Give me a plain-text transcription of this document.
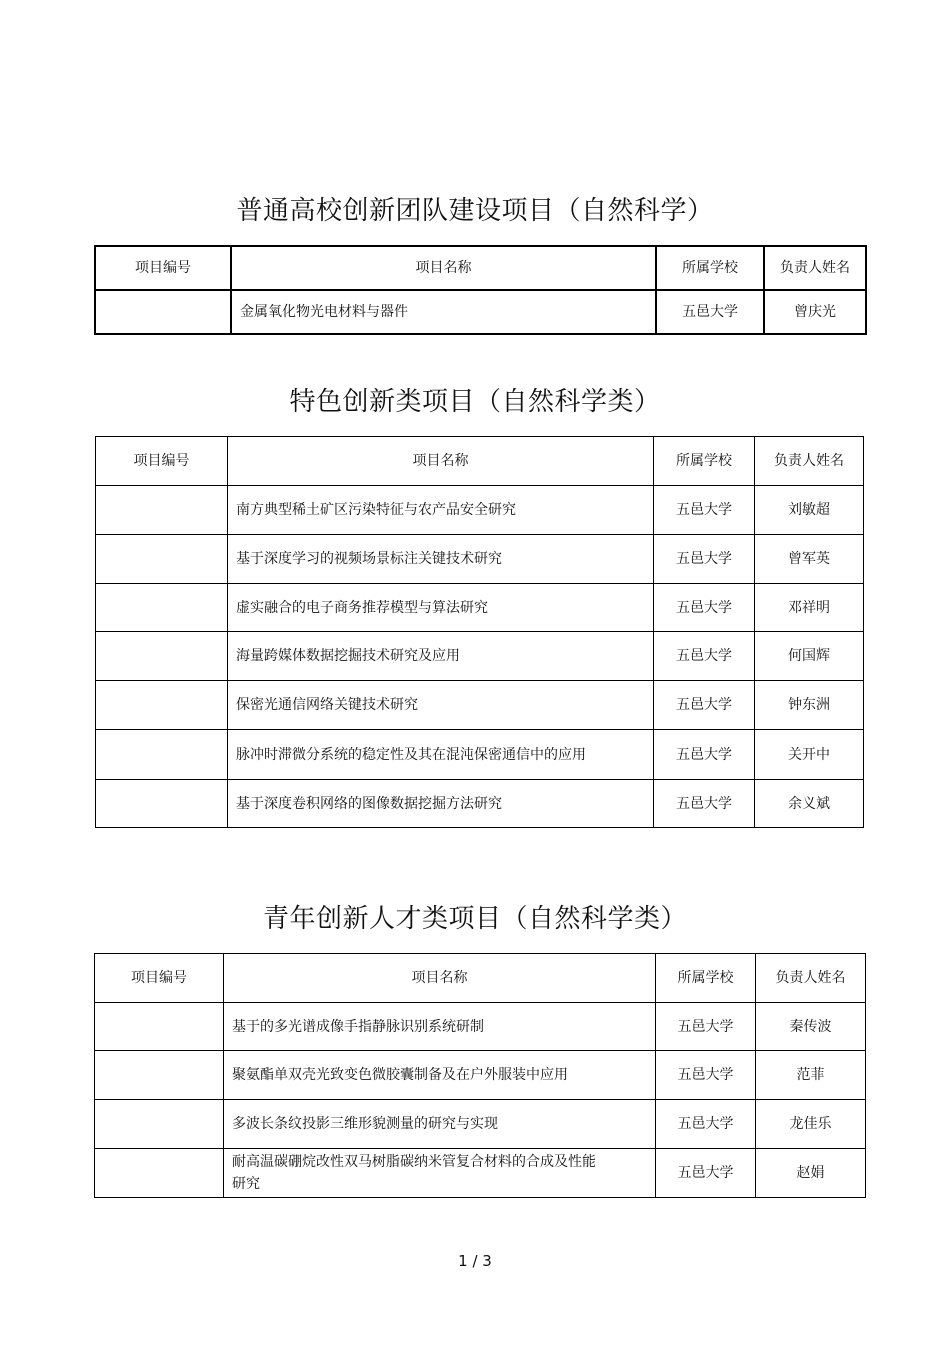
普通高校创新团队建设项目（自然科学）
项目编号	项目名称	所属学校	负责人姓名
	金属氧化物光电材料与器件	五邑大学	曾庆光
特色创新类项目（自然科学类）
项目编号	项目名称	所属学校	负责人姓名
	南方典型稀土矿区污染特征与农产品安全研究	五邑大学	刘敏超
	基于深度学习的视频场景标注关键技术研究	五邑大学	曾军英
	虚实融合的电子商务推荐模型与算法研究	五邑大学	邓祥明
	海量跨媒体数据挖掘技术研究及应用	五邑大学	何国辉
	保密光通信网络关键技术研究	五邑大学	钟东洲
	脉冲时滞微分系统的稳定性及其在混沌保密通信中的应用	五邑大学	关开中
	基于深度卷积网络的图像数据挖掘方法研究	五邑大学	余义斌
青年创新人才类项目（自然科学类）
项目编号	项目名称	所属学校	负责人姓名
	基于的多光谱成像手指静脉识别系统研制	五邑大学	秦传波
	聚氨酯单双壳光致变色微胶囊制备及在户外服装中应用	五邑大学	范菲
	多波长条纹投影三维形貌测量的研究与实现	五邑大学	龙佳乐
	耐高温碳硼烷改性双马树脂碳纳米管复合材料的合成及性能研究	五邑大学	赵娟
1 / 3
